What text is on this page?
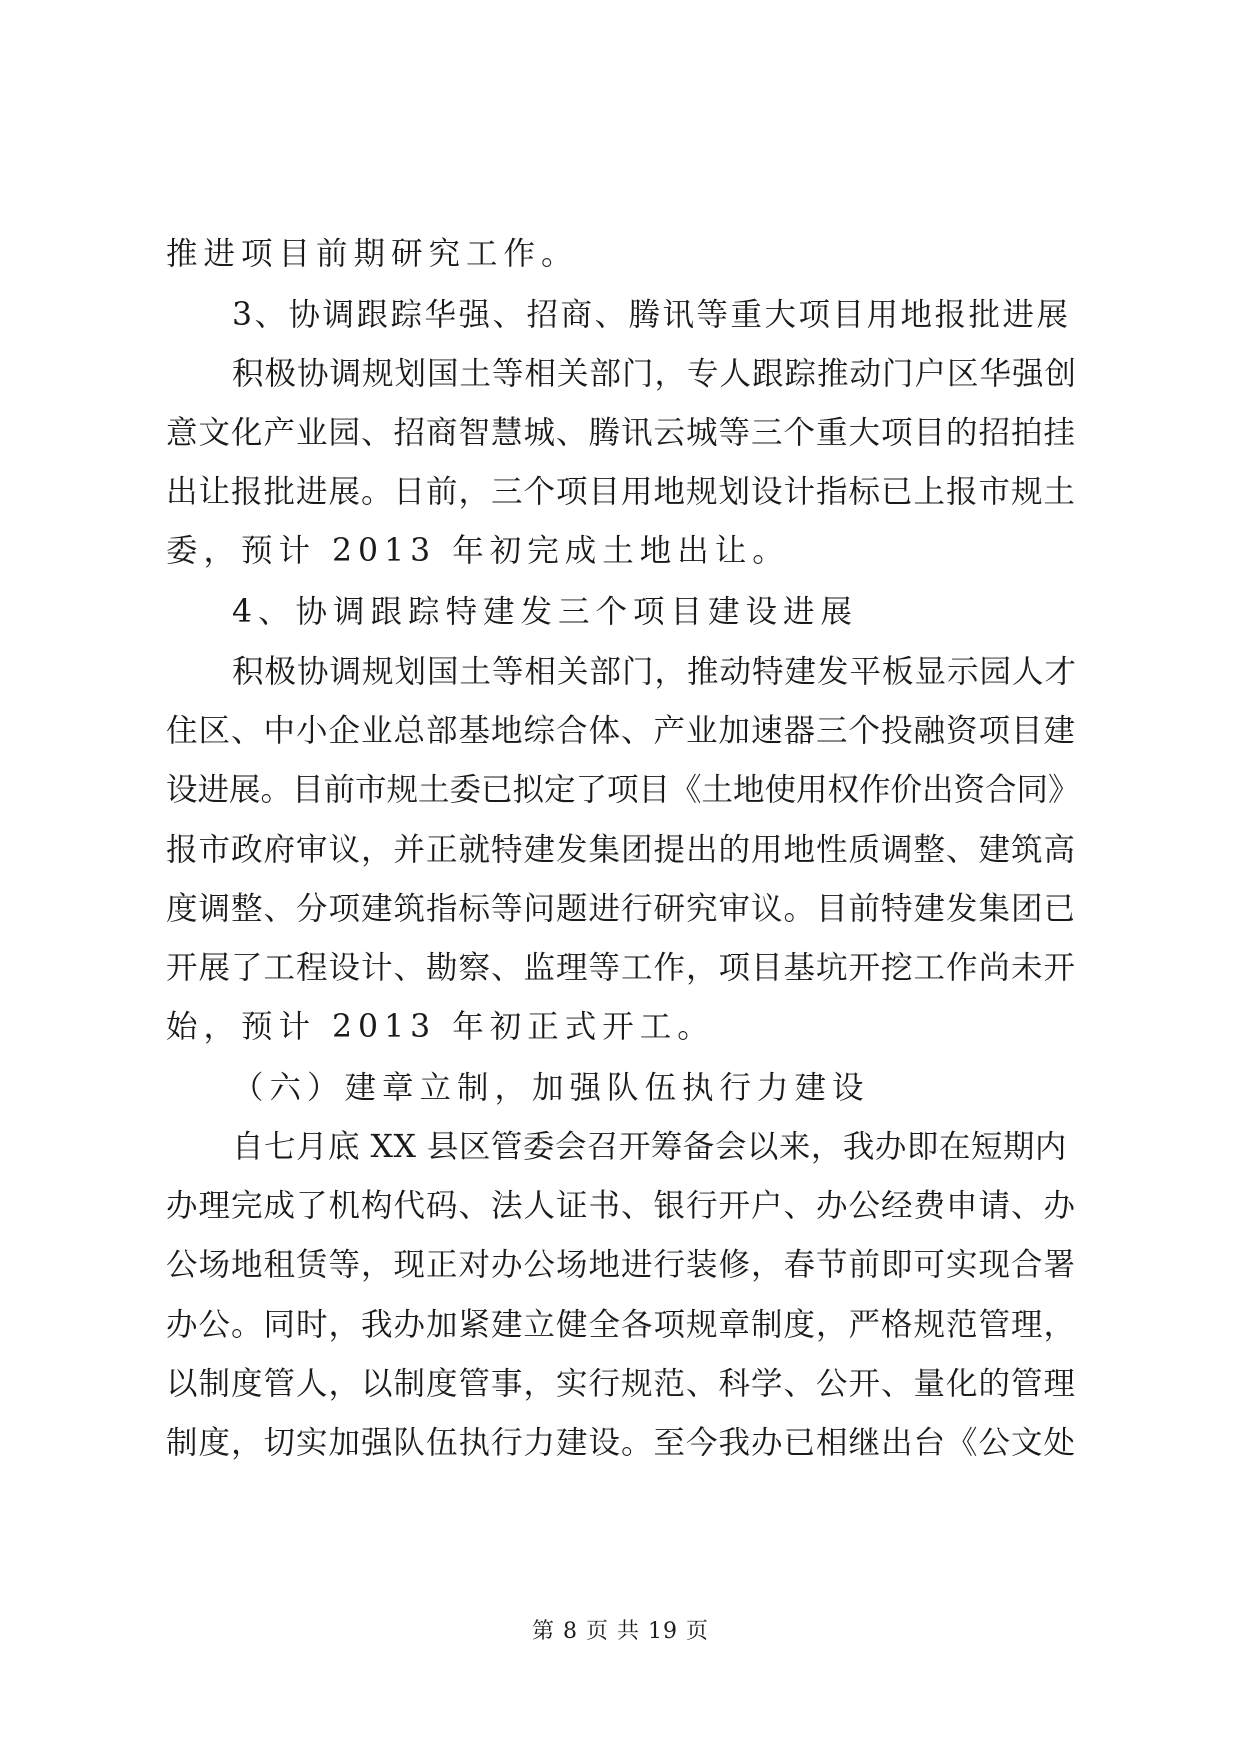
推进项目前期研究工作。
3、协调跟踪华强、招商、腾讯等重大项目用地报批进展
积极协调规划国土等相关部门，专人跟踪推动门户区华强创
意文化产业园、招商智慧城、腾讯云城等三个重大项目的招拍挂
出让报批进展。日前，三个项目用地规划设计指标已上报市规土
委，预计 2013 年初完成土地出让。
4、协调跟踪特建发三个项目建设进展
积极协调规划国土等相关部门，推动特建发平板显示园人才
住区、中小企业总部基地综合体、产业加速器三个投融资项目建
设进展。目前市规土委已拟定了项目《土地使用权作价出资合同》
报市政府审议，并正就特建发集团提出的用地性质调整、建筑高
度调整、分项建筑指标等问题进行研究审议。目前特建发集团已
开展了工程设计、勘察、监理等工作，项目基坑开挖工作尚未开
始，预计 2013 年初正式开工。
（六）建章立制，加强队伍执行力建设
自七月底 XX 县区管委会召开筹备会以来，我办即在短期内
办理完成了机构代码、法人证书、银行开户、办公经费申请、办
公场地租赁等，现正对办公场地进行装修，春节前即可实现合署
办公。同时，我办加紧建立健全各项规章制度，严格规范管理，
以制度管人，以制度管事，实行规范、科学、公开、量化的管理
制度，切实加强队伍执行力建设。至今我办已相继出台《公文处
第 8 页 共 19 页
